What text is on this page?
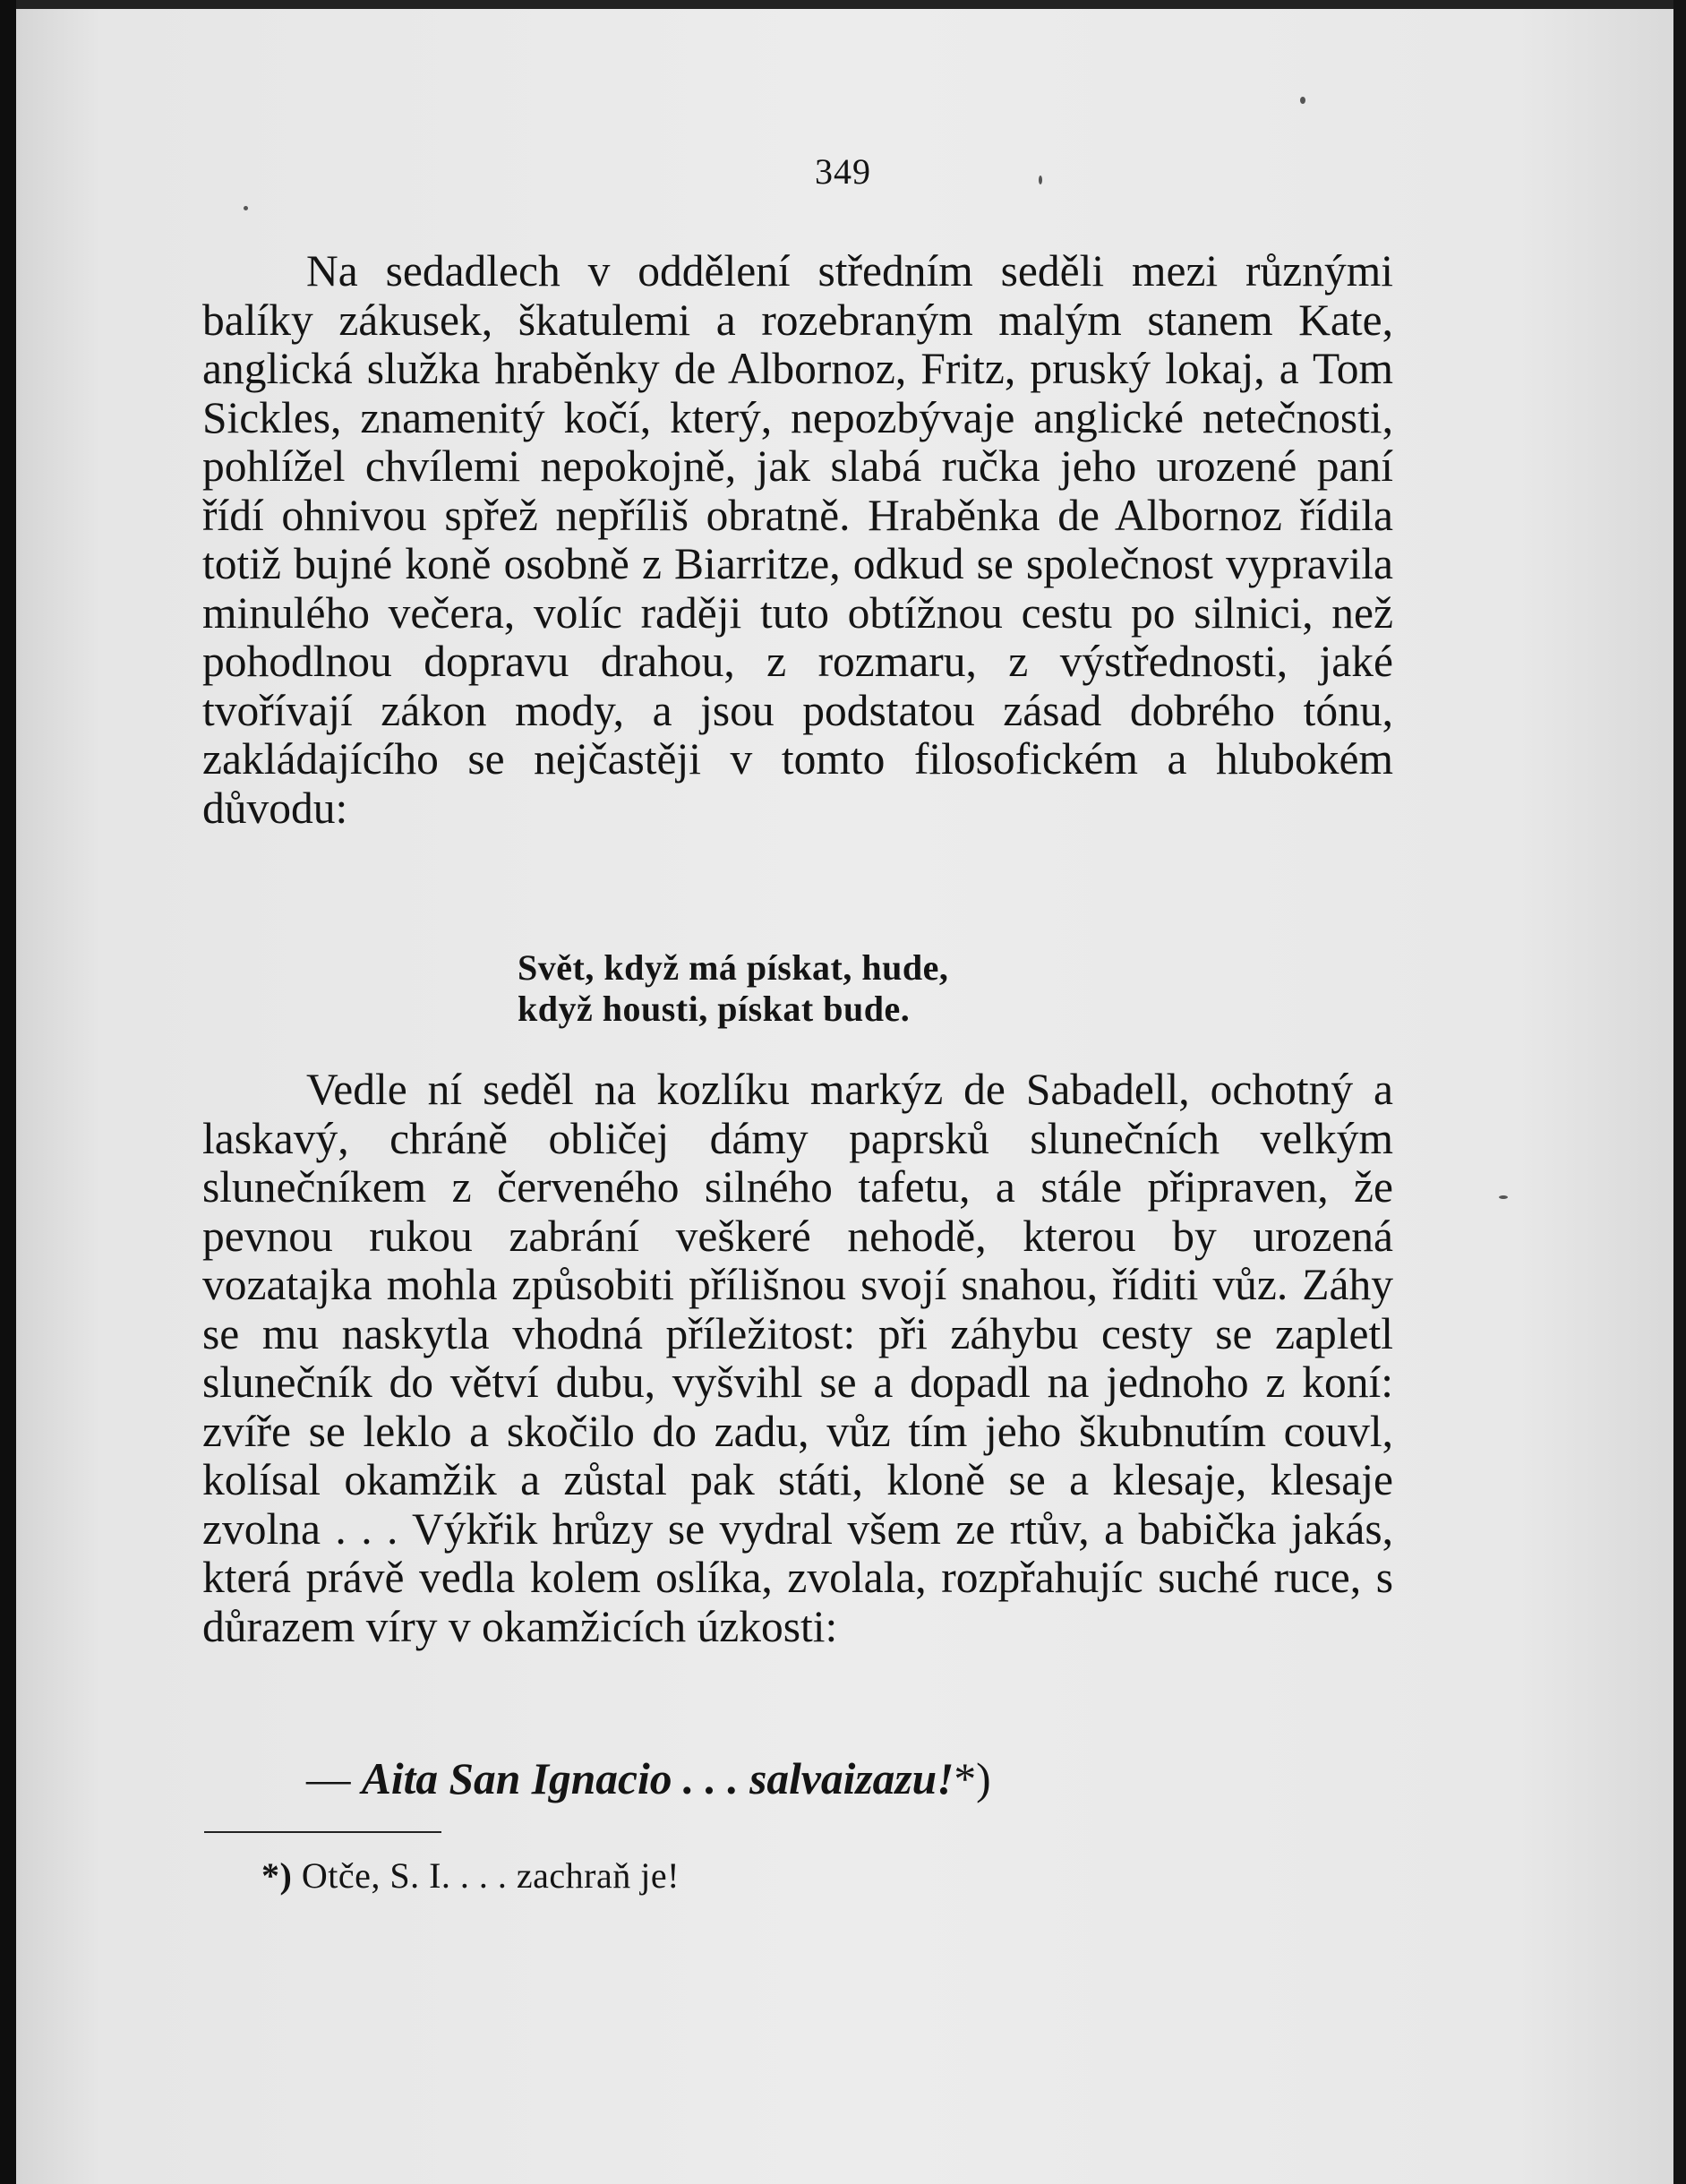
349

Na sedadlech v oddělení středním seděli mezi různými balíky zákusek, škatulemi a rozebraným malým stanem Kate, anglická služka hraběnky de Albornoz, Fritz, pruský lokaj, a Tom Sickles, znamenitý kočí, který, nepozbývaje anglické netečnosti, pohlížel chvílemi nepokojně, jak slabá ručka jeho urozené paní řídí ohnivou spřež nepříliš obratně. Hraběnka de Albornoz řídila totiž bujné koně osobně z Biarritze, odkud se společnost vypravila minulého večera, volíc raději tuto obtížnou cestu po silnici, než pohodlnou dopravu drahou, z rozmaru, z výstřednosti, jaké tvořívají zákon mody, a jsou podstatou zásad dobrého tónu, zakládajícího se nejčastěji v tomto filosofickém a hlubokém důvodu:

Svět, když má pískat, hude,
když housti, pískat bude.

Vedle ní seděl na kozlíku markýz de Sabadell, ochotný a laskavý, chráně obličej dámy paprsků slunečních velkým slunečníkem z červeného silného tafetu, a stále připraven, že pevnou rukou zabrání veškeré nehodě, kterou by urozená vozatajka mohla způsobiti přílišnou svojí snahou, říditi vůz. Záhy se mu naskytla vhodná příležitost: při záhybu cesty se zapletl slunečník do větví dubu, vyšvihl se a dopadl na jednoho z koní: zvíře se leklo a skočilo do zadu, vůz tím jeho škubnutím couvl, kolísal okamžik a zůstal pak státi, kloně se a klesaje, klesaje zvolna . . . Výkřik hrůzy se vydral všem ze rtův, a babička jakás, která právě vedla kolem oslíka, zvolala, rozpřahujíc suché ruce, s důrazem víry v okamžicích úzkosti:

— Aita San Ignacio . . . salvaizazu!*)
*) Otče, S. I. . . . zachraň je!
